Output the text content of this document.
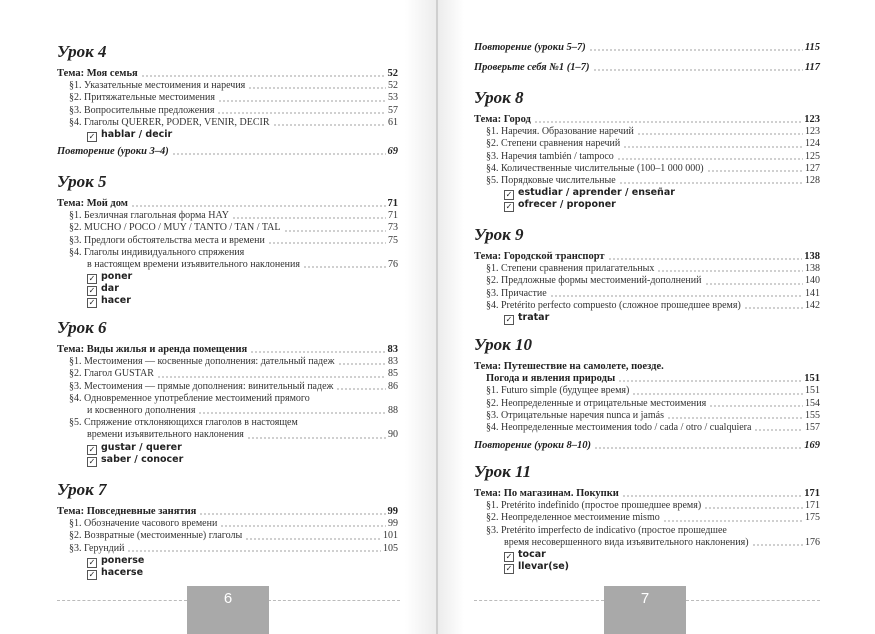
Урок 4
Тема: Моя семья	52
§1. Указательные местоимения и наречия	52
§2. Притяжательные местоимения	53
§3. Вопросительные предложения	57
§4. Глаголы QUERER, PODER, VENIR, DECIR	61
✓ hablar / decir
Повторение (уроки 3–4)	69
Урок 5
Тема: Мой дом	71
§1. Безличная глагольная форма HAY	71
§2. MUCHO / POCO / MUY / TANTO / TAN / TAL	73
§3. Предлоги обстоятельства места и времени	75
§4. Глаголы индивидуального спряжения
в настоящем времени изъявительного наклонения	76
✓ poner
✓ dar
✓ hacer
Урок 6
Тема: Виды жилья и аренда помещения	83
§1. Местоимения — косвенные дополнения: дательный падеж	83
§2. Глагол GUSTAR	85
§3. Местоимения — прямые дополнения: винительный падеж	86
§4. Одновременное употребление местоимений прямого
и косвенного дополнения	88
§5. Спряжение отклоняющихся глаголов в настоящем
времени изъявительного наклонения	90
✓ gustar / querer
✓ saber / conocer
Урок 7
Тема: Повседневные занятия	99
§1. Обозначение часового времени	99
§2. Возвратные (местоименные) глаголы	101
§3. Герундий	105
✓ ponerse
✓ hacerse
Повторение (уроки 5–7)	115
Проверьте себя №1 (1–7)	117
Урок 8
Тема: Город	123
§1. Наречия. Образование наречий	123
§2. Степени сравнения наречий	124
§3. Наречия también / tampoco	125
§4. Количественные числительные (100–1 000 000)	127
§5. Порядковые числительные	128
✓ estudiar / aprender / enseñar
✓ ofrecer / proponer
Урок 9
Тема: Городской транспорт	138
§1. Степени сравнения прилагательных	138
§2. Предложные формы местоимений-дополнений	140
§3. Причастие	141
§4. Pretérito perfecto compuesto (сложное прошедшее время)	142
✓ tratar
Урок 10
Тема: Путешествие на самолете, поезде.
Погода и явления природы	151
§1. Futuro simple (будущее время)	151
§2. Неопределенные и отрицательные местоимения	154
§3. Отрицательные наречия nunca и jamás	155
§4. Неопределенные местоимения todo / cada / otro / cualquiera	157
Повторение (уроки 8–10)	169
Урок 11
Тема: По магазинам. Покупки	171
§1. Pretérito indefinido (простое прошедшее время)	171
§2. Неопределенное местоимение mismo	175
§3. Pretérito imperfecto de indicativo (простое прошедшее
время несовершенного вида изъявительного наклонения)	176
✓ tocar
✓ llevar(se)
6	7
